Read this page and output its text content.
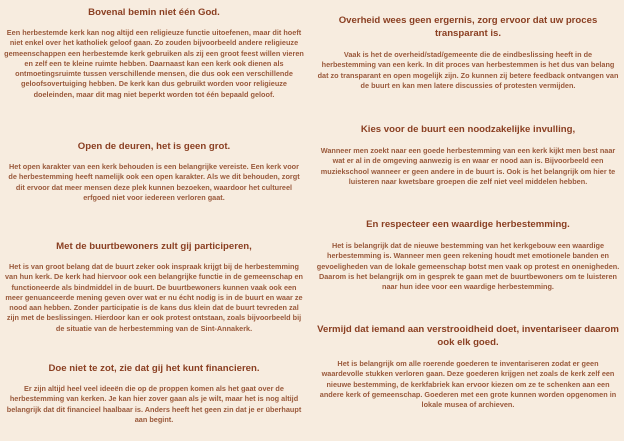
Bovenal bemin niet één God.

Een herbestemde kerk kan nog altijd een religieuze functie uitoefenen, maar dit hoeft niet enkel over het katholiek geloof gaan. Zo zouden bijvoorbeeld andere religieuze gemeenschappen een herbestemde kerk gebruiken als zij een groot feest willen vieren en zelf een te kleine ruimte hebben. Daarnaast kan een kerk ook dienen als ontmoetingsruimte tussen verschillende mensen, die dus ook een verschillende geloofsovertuiging hebben. De kerk kan dus gebruikt worden voor religieuze doeleinden, maar dit mag niet beperkt worden tot één bepaald geloof.

Open de deuren, het is geen grot.

Het open karakter van een kerk behouden is een belangrijke vereiste. Een kerk voor de herbestemming heeft namelijk ook een open karakter. Als we dit behouden, zorgt dit ervoor dat meer mensen deze plek kunnen bezoeken, waardoor het cultureel erfgoed niet voor iedereen verloren gaat.

Met de buurtbewoners zult gij participeren,

Het is van groot belang dat de buurt zeker ook inspraak krijgt bij de herbestemming van hun kerk. De kerk had hiervoor ook een belangrijke functie in de gemeenschap en functioneerde als bindmiddel in de buurt. De buurtbewoners kunnen vaak ook een meer genuanceerde mening geven over wat er nu écht nodig is in de buurt en waar ze nood aan hebben. Zonder participatie is de kans dus klein dat de buurt tevreden zal zijn met de beslissingen. Hierdoor kan er ook protest ontstaan, zoals bijvoorbeeld bij de situatie van de herbestemming van de Sint-Annakerk.

Doe niet te zot, zie dat gij het kunt financieren.

Er zijn altijd heel veel ideeën die op de proppen komen als het gaat over de herbestemming van kerken. Je kan hier zover gaan als je wilt, maar het is nog altijd belangrijk dat dit financieel haalbaar is. Anders heeft het geen zin dat je er überhaupt aan begint.

Overheid wees geen ergernis, zorg ervoor dat uw proces transparant is.

Vaak is het de overheid/stad/gemeente die de eindbeslissing heeft in de herbestemming van een kerk. In dit proces van herbestemmen is het dus van belang dat zo transparant en open mogelijk zijn. Zo kunnen zij betere feedback ontvangen van de buurt en kan men latere discussies of protesten vermijden.

Kies voor de buurt een noodzakelijke invulling,

Wanneer men zoekt naar een goede herbestemming van een kerk kijkt men best naar wat er al in de omgeving aanwezig is en waar er nood aan is. Bijvoorbeeld een muziekschool wanneer er geen andere in de buurt is. Ook is het belangrijk om hier te luisteren naar kwetsbare groepen die zelf niet veel middelen hebben.

En respecteer een waardige herbestemming.

Het is belangrijk dat de nieuwe bestemming van het kerkgebouw een waardige herbestemming is. Wanneer men geen rekening houdt met emotionele banden en gevoeligheden van de lokale gemeenschap botst men vaak op protest en onenigheden. Daarom is het belangrijk om in gesprek te gaan met de buurtbewoners om te luisteren naar hun idee voor een waardige herbestemming.

Vermijd dat iemand aan verstrooidheid doet, inventariseer daarom ook elk goed.

Het is belangrijk om alle roerende goederen te inventariseren zodat er geen waardevolle stukken verloren gaan. Deze goederen krijgen net zoals de kerk zelf een nieuwe bestemming, de kerkfabriek kan ervoor kiezen om ze te schenken aan een andere kerk of gemeenschap. Goederen met een grote kunnen worden opgenomen in lokale musea of archieven.
